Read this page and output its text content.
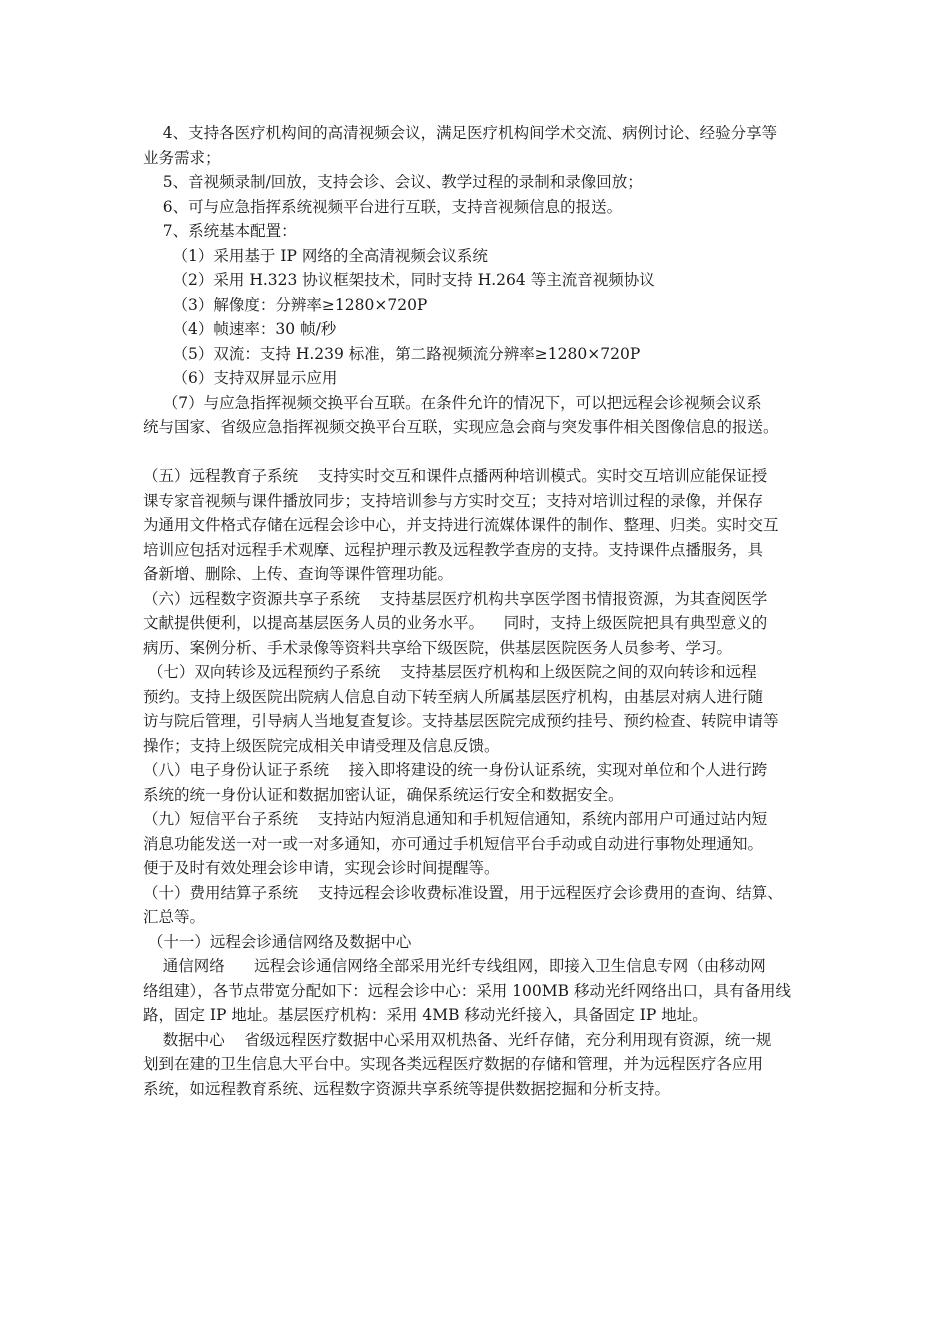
4、支持各医疗机构间的高清视频会议，满足医疗机构间学术交流、病例讨论、经验分享等
业务需求；
5、音视频录制/回放，支持会诊、会议、教学过程的录制和录像回放；
6、可与应急指挥系统视频平台进行互联，支持音视频信息的报送。
7、系统基本配置：
（1）采用基于 IP 网络的全高清视频会议系统
（2）采用 H.323 协议框架技术，同时支持 H.264 等主流音视频协议
（3）解像度：分辨率≥1280×720P
（4）帧速率：30 帧/秒
（5）双流：支持 H.239 标准，第二路视频流分辨率≥1280×720P
（6）支持双屏显示应用
（7）与应急指挥视频交换平台互联。在条件允许的情况下，可以把远程会诊视频会议系
统与国家、省级应急指挥视频交换平台互联，实现应急会商与突发事件相关图像信息的报送。
（五）远程教育子系统    支持实时交互和课件点播两种培训模式。实时交互培训应能保证授
课专家音视频与课件播放同步；支持培训参与方实时交互；支持对培训过程的录像，并保存
为通用文件格式存储在远程会诊中心，并支持进行流媒体课件的制作、整理、归类。实时交互
培训应包括对远程手术观摩、远程护理示教及远程教学查房的支持。支持课件点播服务，具
备新增、删除、上传、查询等课件管理功能。
（六）远程数字资源共享子系统    支持基层医疗机构共享医学图书情报资源，为其查阅医学
文献提供便利，以提高基层医务人员的业务水平。    同时，支持上级医院把具有典型意义的
病历、案例分析、手术录像等资料共享给下级医院，供基层医院医务人员参考、学习。
（七）双向转诊及远程预约子系统    支持基层医疗机构和上级医院之间的双向转诊和远程
预约。支持上级医院出院病人信息自动下转至病人所属基层医疗机构，由基层对病人进行随
访与院后管理，引导病人当地复查复诊。支持基层医院完成预约挂号、预约检查、转院申请等
操作；支持上级医院完成相关申请受理及信息反馈。
（八）电子身份认证子系统    接入即将建设的统一身份认证系统，实现对单位和个人进行跨
系统的统一身份认证和数据加密认证，确保系统运行安全和数据安全。
（九）短信平台子系统    支持站内短消息通知和手机短信通知，系统内部用户可通过站内短
消息功能发送一对一或一对多通知，亦可通过手机短信平台手动或自动进行事物处理通知。
便于及时有效处理会诊申请，实现会诊时间提醒等。
（十）费用结算子系统    支持远程会诊收费标准设置，用于远程医疗会诊费用的查询、结算、
汇总等。
（十一）远程会诊通信网络及数据中心
通信网络      远程会诊通信网络全部采用光纤专线组网，即接入卫生信息专网（由移动网
络组建），各节点带宽分配如下：远程会诊中心：采用 100MB 移动光纤网络出口，具有备用线
路，固定 IP 地址。基层医疗机构：采用 4MB 移动光纤接入，具备固定 IP 地址。
数据中心    省级远程医疗数据中心采用双机热备、光纤存储，充分利用现有资源，统一规
划到在建的卫生信息大平台中。实现各类远程医疗数据的存储和管理，并为远程医疗各应用
系统，如远程教育系统、远程数字资源共享系统等提供数据挖掘和分析支持。
